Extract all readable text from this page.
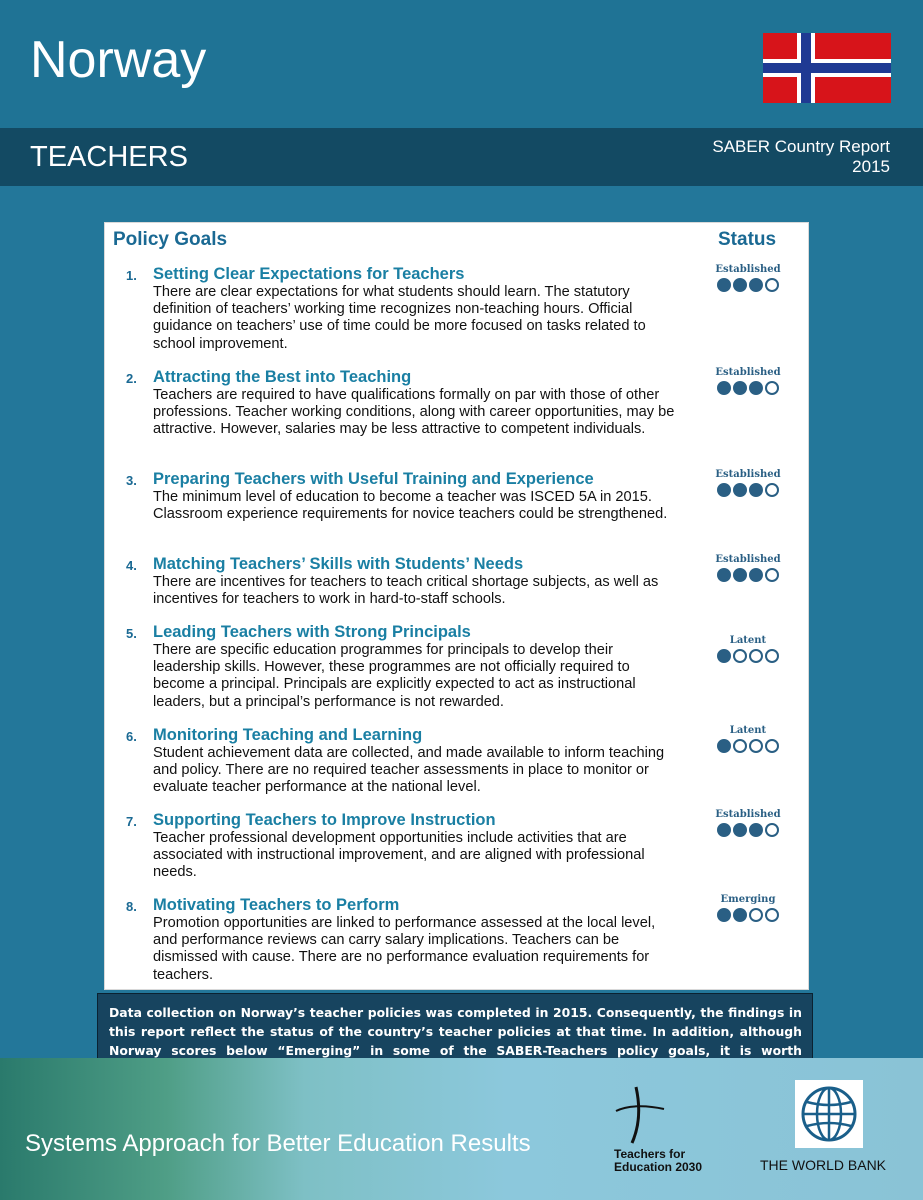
Norway
TEACHERS	SABER Country Report
2015
Policy Goals	Status
1. Setting Clear Expectations for Teachers
There are clear expectations for what students should learn. The statutory definition of teachers’ working time recognizes non-teaching hours. Official guidance on teachers’ use of time could be more focused on tasks related to school improvement.
Established
2. Attracting the Best into Teaching
Teachers are required to have qualifications formally on par with those of other professions. Teacher working conditions, along with career opportunities, may be attractive. However, salaries may be less attractive to competent individuals.
Established
3. Preparing Teachers with Useful Training and Experience
The minimum level of education to become a teacher was ISCED 5A in 2015. Classroom experience requirements for novice teachers could be strengthened.
Established
4. Matching Teachers’ Skills with Students’ Needs
There are incentives for teachers to teach critical shortage subjects, as well as incentives for teachers to work in hard-to-staff schools.
Established
5. Leading Teachers with Strong Principals
There are specific education programmes for principals to develop their leadership skills. However, these programmes are not officially required to become a principal. Principals are explicitly expected to act as instructional leaders, but a principal’s performance is not rewarded.
Latent
6. Monitoring Teaching and Learning
Student achievement data are collected, and made available to inform teaching and policy. There are no required teacher assessments in place to monitor or evaluate teacher performance at the national level.
Latent
7. Supporting Teachers to Improve Instruction
Teacher professional development opportunities include activities that are associated with instructional improvement, and are aligned with professional needs.
Established
8. Motivating Teachers to Perform
Promotion opportunities are linked to performance assessed at the local level, and performance reviews can carry salary implications. Teachers can be dismissed with cause. There are no performance evaluation requirements for teachers.
Emerging
Data collection on Norway’s teacher policies was completed in 2015. Consequently, the findings in this report reflect the status of the country’s teacher policies at that time. In addition, although Norway scores below “Emerging” in some of the SABER-Teachers policy goals, it is worth
Systems Approach for Better Education Results	Teachers for
Education 2030	THE WORLD BANK
